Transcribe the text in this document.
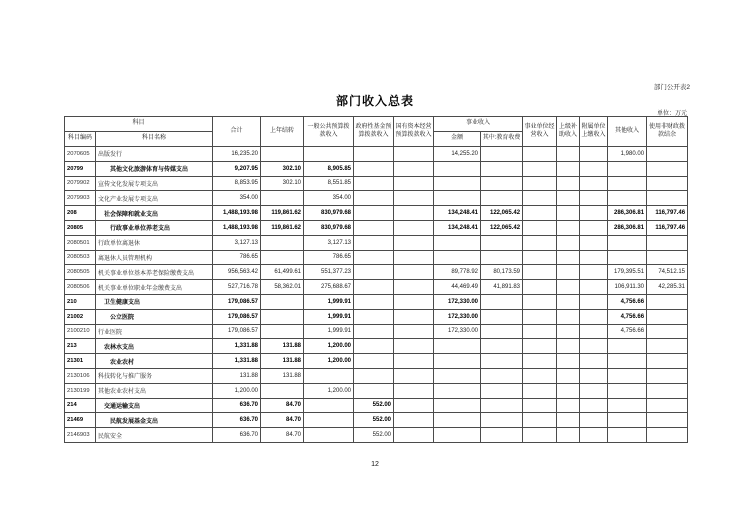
部门公开表2
部门收入总表
单位：万元
科目		合计	上年结转	一般公共预算拨款收入	政府性基金预算拨款收入	国有资本经营预算拨款收入	事业收入		事业单位经营收入	上级补助收入	附属单位上缴收入	其他收入	使用非财政拨款结余
科目编码	科目名称						金额	其中:教育收费					
2070605	出版发行	16,235.20					14,255.20					1,980.00	
20799	其他文化旅游体育与传媒支出	9,207.95	302.10	8,905.85									
2079902	宣传文化发展专项支出	8,853.95	302.10	8,551.85									
2079903	文化产业发展专项支出	354.00		354.00									
208	社会保障和就业支出	1,488,193.98	119,861.62	830,979.68			134,248.41	122,065.42				286,306.81	116,797.46
20805	行政事业单位养老支出	1,488,193.98	119,861.62	830,979.68			134,248.41	122,065.42				286,306.81	116,797.46
2080501	行政单位离退休	3,127.13		3,127.13									
2080503	离退休人员管理机构	786.65		786.65									
2080505	机关事业单位基本养老保险缴费支出	956,563.42	61,499.61	551,377.23			89,778.92	80,173.59				179,395.51	74,512.15
2080506	机关事业单位职业年金缴费支出	527,716.78	58,362.01	275,688.67			44,469.49	41,891.83				106,911.30	42,285.31
210	卫生健康支出	179,086.57		1,999.91			172,330.00					4,756.66	
21002	公立医院	179,086.57		1,999.91			172,330.00					4,756.66	
2100210	行业医院	179,086.57		1,999.91			172,330.00					4,756.66	
213	农林水支出	1,331.88	131.88	1,200.00									
21301	农业农村	1,331.88	131.88	1,200.00									
2130106	科技转化与推广服务	131.88	131.88										
2130199	其他农业农村支出	1,200.00		1,200.00									
214	交通运输支出	636.70	84.70		552.00								
21469	民航发展基金支出	636.70	84.70		552.00								
2146903	民航安全	636.70	84.70		552.00								
12
